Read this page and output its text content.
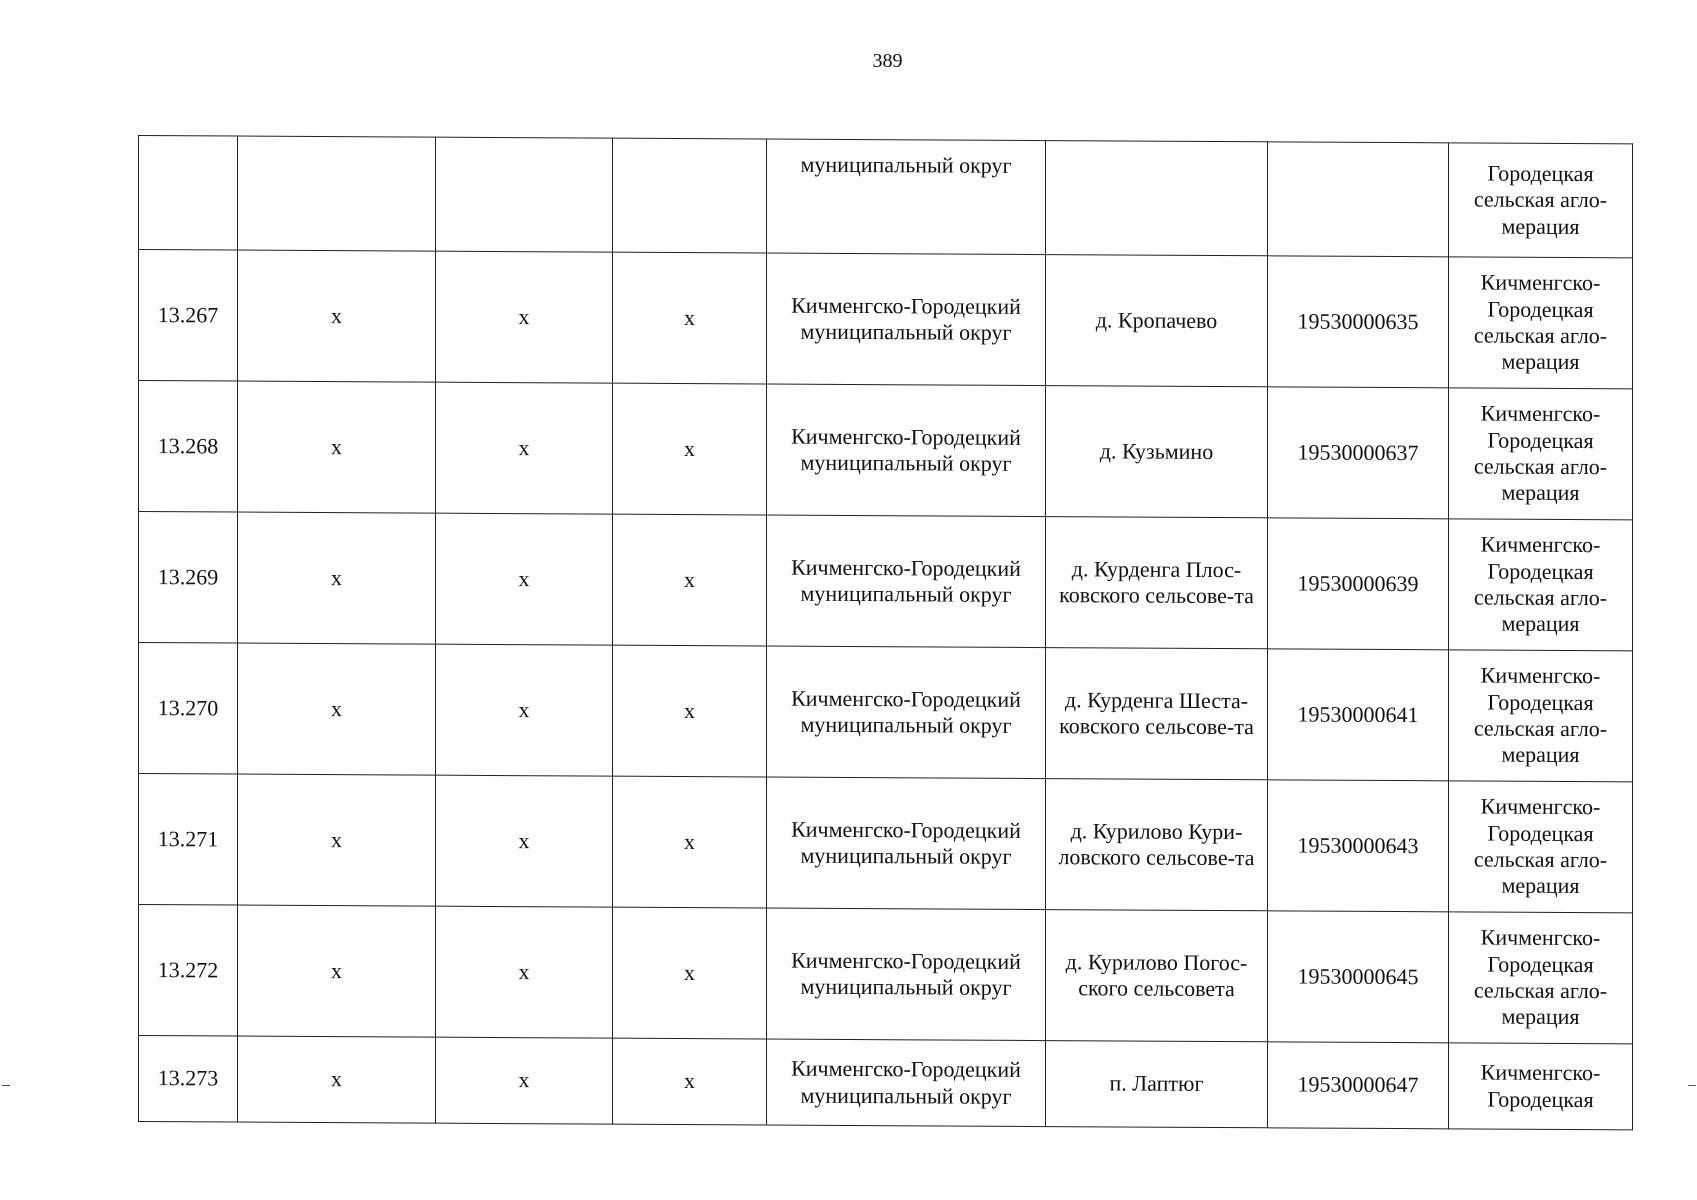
389
				муниципальный округ			Городецкая сельская агло-мерация
13.267	х	х	х	Кичменгско-Городецкий муниципальный округ	д. Кропачево	19530000635	Кичменгско-Городецкая сельская агло-мерация
13.268	х	х	х	Кичменгско-Городецкий муниципальный округ	д. Кузьмино	19530000637	Кичменгско-Городецкая сельская агло-мерация
13.269	х	х	х	Кичменгско-Городецкий муниципальный округ	д. Курденга Плос-ковского сельсове-та	19530000639	Кичменгско-Городецкая сельская агло-мерация
13.270	х	х	х	Кичменгско-Городецкий муниципальный округ	д. Курденга Шеста-ковского сельсове-та	19530000641	Кичменгско-Городецкая сельская агло-мерация
13.271	х	х	х	Кичменгско-Городецкий муниципальный округ	д. Курилово Кури-ловского сельсове-та	19530000643	Кичменгско-Городецкая сельская агло-мерация
13.272	х	х	х	Кичменгско-Городецкий муниципальный округ	д. Курилово Погос-ского сельсовета	19530000645	Кичменгско-Городецкая сельская агло-мерация
13.273	х	х	х	Кичменгско-Городецкий муниципальный округ	п. Лаптюг	19530000647	Кичменгско-Городецкая
